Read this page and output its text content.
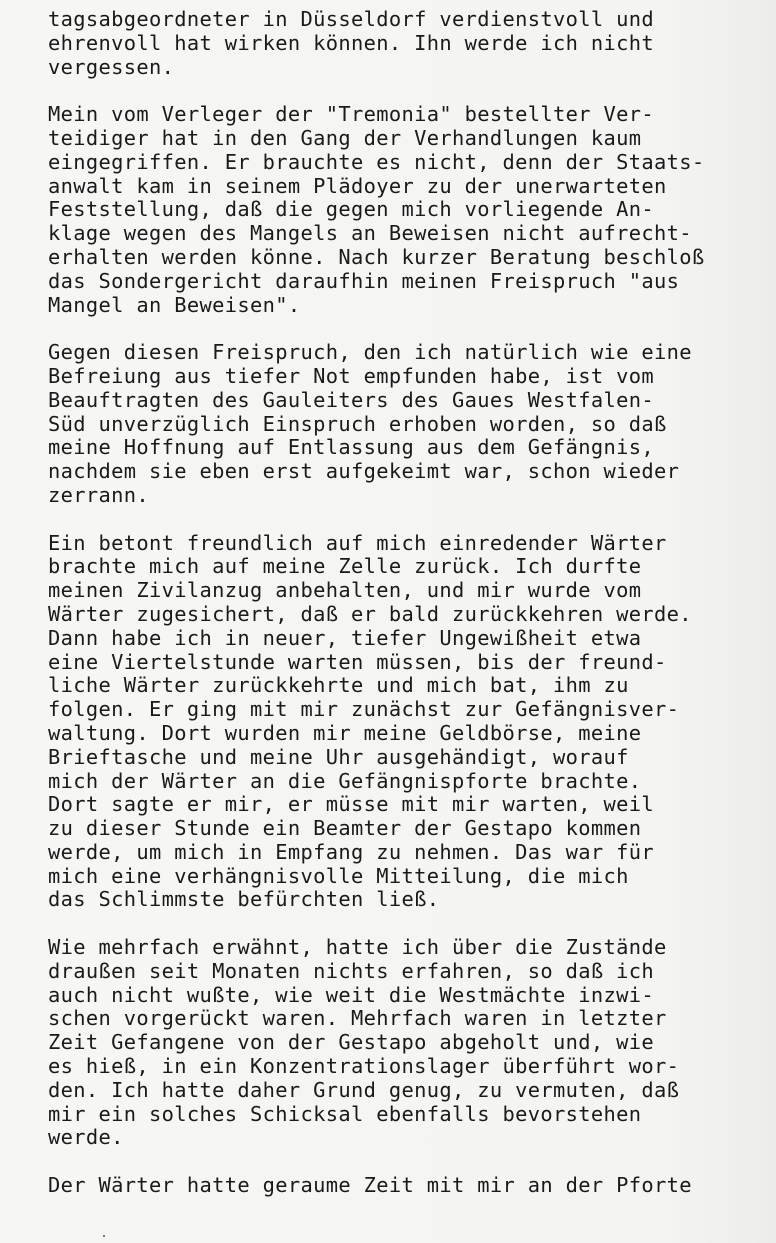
tagsabgeordneter in Düsseldorf verdienstvoll und
ehrenvoll hat wirken können. Ihn werde ich nicht
vergessen.
Mein vom Verleger der "Tremonia" bestellter Ver-
teidiger hat in den Gang der Verhandlungen kaum
eingegriffen. Er brauchte es nicht, denn der Staats-
anwalt kam in seinem Plädoyer zu der unerwarteten
Feststellung, daß die gegen mich vorliegende An-
klage wegen des Mangels an Beweisen nicht aufrecht-
erhalten werden könne. Nach kurzer Beratung beschloß
das Sondergericht daraufhin meinen Freispruch "aus
Mangel an Beweisen".
Gegen diesen Freispruch, den ich natürlich wie eine
Befreiung aus tiefer Not empfunden habe, ist vom
Beauftragten des Gauleiters des Gaues Westfalen-
Süd unverzüglich Einspruch erhoben worden, so daß
meine Hoffnung auf Entlassung aus dem Gefängnis,
nachdem sie eben erst aufgekeimt war, schon wieder
zerrann.
Ein betont freundlich auf mich einredender Wärter
brachte mich auf meine Zelle zurück. Ich durfte
meinen Zivilanzug anbehalten, und mir wurde vom
Wärter zugesichert, daß er bald zurückkehren werde.
Dann habe ich in neuer, tiefer Ungewißheit etwa
eine Viertelstunde warten müssen, bis der freund-
liche Wärter zurückkehrte und mich bat, ihm zu
folgen. Er ging mit mir zunächst zur Gefängnisver-
waltung. Dort wurden mir meine Geldbörse, meine
Brieftasche und meine Uhr ausgehändigt, worauf
mich der Wärter an die Gefängnispforte brachte.
Dort sagte er mir, er müsse mit mir warten, weil
zu dieser Stunde ein Beamter der Gestapo kommen
werde, um mich in Empfang zu nehmen. Das war für
mich eine verhängnisvolle Mitteilung, die mich
das Schlimmste befürchten ließ.
Wie mehrfach erwähnt, hatte ich über die Zustände
draußen seit Monaten nichts erfahren, so daß ich
auch nicht wußte, wie weit die Westmächte inzwi-
schen vorgerückt waren. Mehrfach waren in letzter
Zeit Gefangene von der Gestapo abgeholt und, wie
es hieß, in ein Konzentrationslager überführt wor-
den. Ich hatte daher Grund genug, zu vermuten, daß
mir ein solches Schicksal ebenfalls bevorstehen
werde.
Der Wärter hatte geraume Zeit mit mir an der Pforte
